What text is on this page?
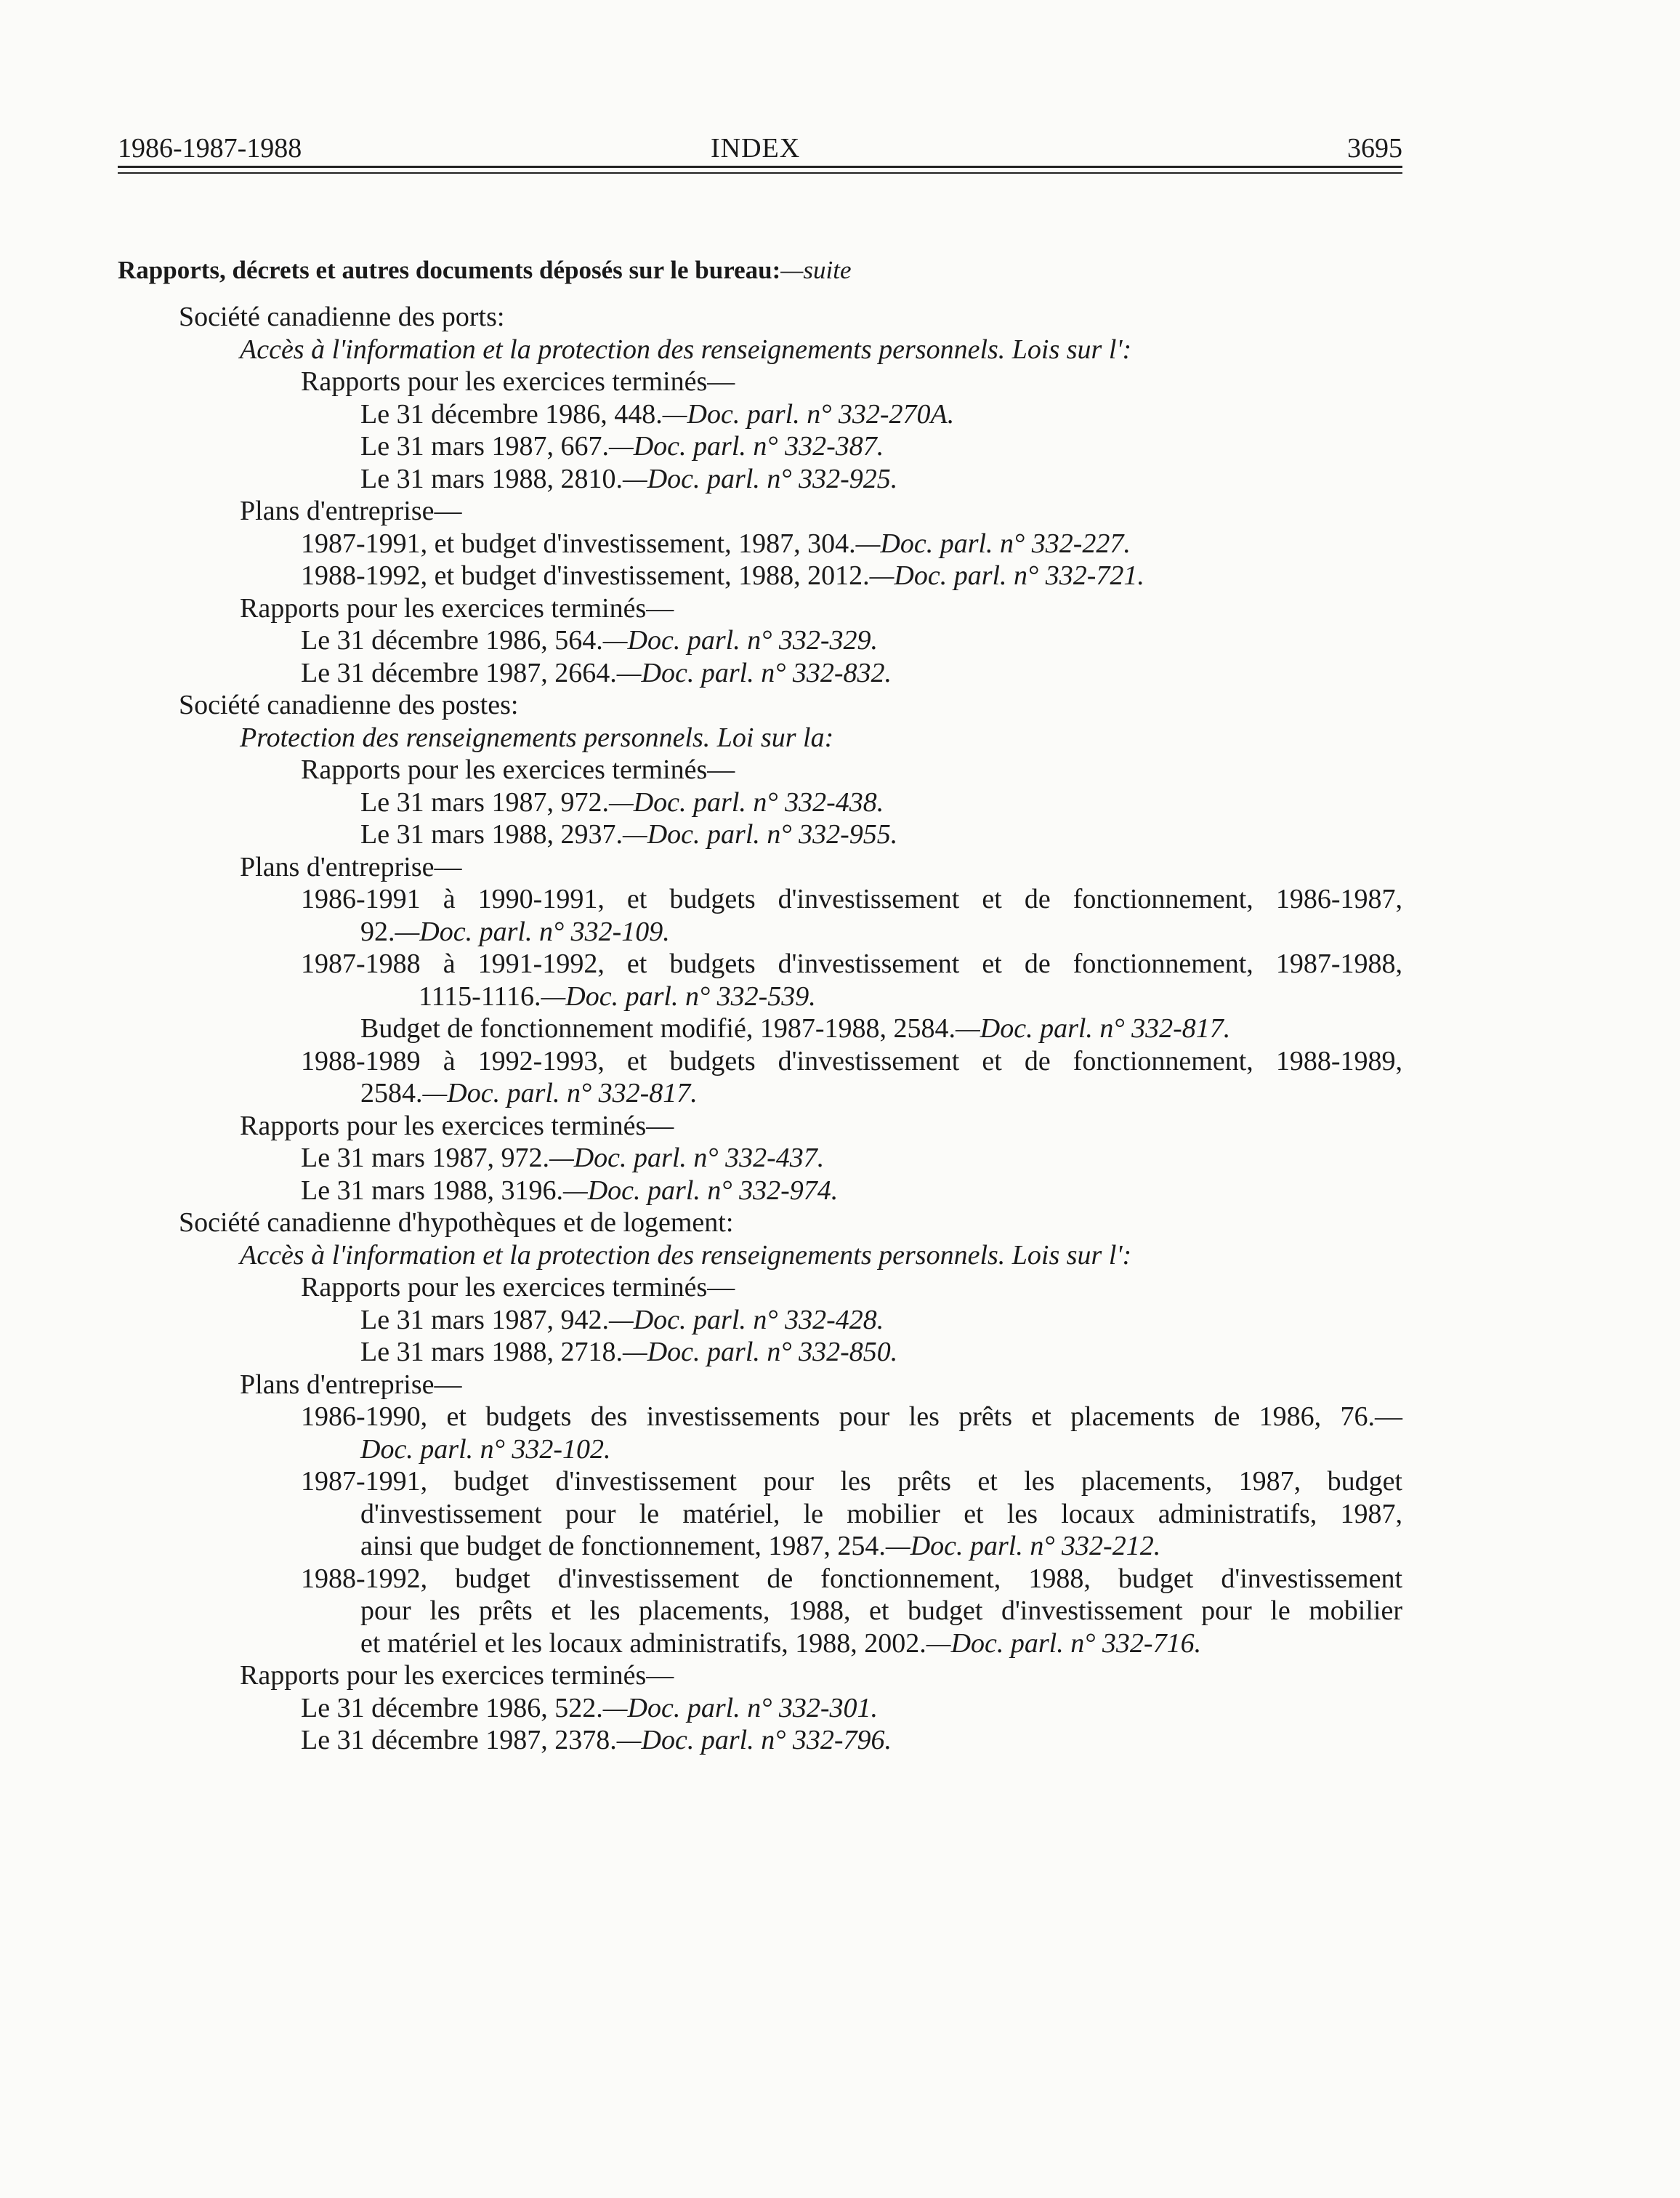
1986-1987-1988	INDEX	3695
Rapports, décrets et autres documents déposés sur le bureau:—suite
Société canadienne des ports:
Accès à l'information et la protection des renseignements personnels. Lois sur l':
Rapports pour les exercices terminés—
Le 31 décembre 1986, 448.—Doc. parl. n° 332-270A.
Le 31 mars 1987, 667.—Doc. parl. n° 332-387.
Le 31 mars 1988, 2810.—Doc. parl. n° 332-925.
Plans d'entreprise—
1987-1991, et budget d'investissement, 1987, 304.—Doc. parl. n° 332-227.
1988-1992, et budget d'investissement, 1988, 2012.—Doc. parl. n° 332-721.
Rapports pour les exercices terminés—
Le 31 décembre 1986, 564.—Doc. parl. n° 332-329.
Le 31 décembre 1987, 2664.—Doc. parl. n° 332-832.
Société canadienne des postes:
Protection des renseignements personnels. Loi sur la:
Rapports pour les exercices terminés—
Le 31 mars 1987, 972.—Doc. parl. n° 332-438.
Le 31 mars 1988, 2937.—Doc. parl. n° 332-955.
Plans d'entreprise—
1986-1991 à 1990-1991, et budgets d'investissement et de fonctionnement, 1986-1987,
92.—Doc. parl. n° 332-109.
1987-1988 à 1991-1992, et budgets d'investissement et de fonctionnement, 1987-1988,
1115-1116.—Doc. parl. n° 332-539.
Budget de fonctionnement modifié, 1987-1988, 2584.—Doc. parl. n° 332-817.
1988-1989 à 1992-1993, et budgets d'investissement et de fonctionnement, 1988-1989,
2584.—Doc. parl. n° 332-817.
Rapports pour les exercices terminés—
Le 31 mars 1987, 972.—Doc. parl. n° 332-437.
Le 31 mars 1988, 3196.—Doc. parl. n° 332-974.
Société canadienne d'hypothèques et de logement:
Accès à l'information et la protection des renseignements personnels. Lois sur l':
Rapports pour les exercices terminés—
Le 31 mars 1987, 942.—Doc. parl. n° 332-428.
Le 31 mars 1988, 2718.—Doc. parl. n° 332-850.
Plans d'entreprise—
1986-1990, et budgets des investissements pour les prêts et placements de 1986, 76.—
Doc. parl. n° 332-102.
1987-1991, budget d'investissement pour les prêts et les placements, 1987, budget
d'investissement pour le matériel, le mobilier et les locaux administratifs, 1987,
ainsi que budget de fonctionnement, 1987, 254.—Doc. parl. n° 332-212.
1988-1992, budget d'investissement de fonctionnement, 1988, budget d'investissement
pour les prêts et les placements, 1988, et budget d'investissement pour le mobilier
et matériel et les locaux administratifs, 1988, 2002.—Doc. parl. n° 332-716.
Rapports pour les exercices terminés—
Le 31 décembre 1986, 522.—Doc. parl. n° 332-301.
Le 31 décembre 1987, 2378.—Doc. parl. n° 332-796.
